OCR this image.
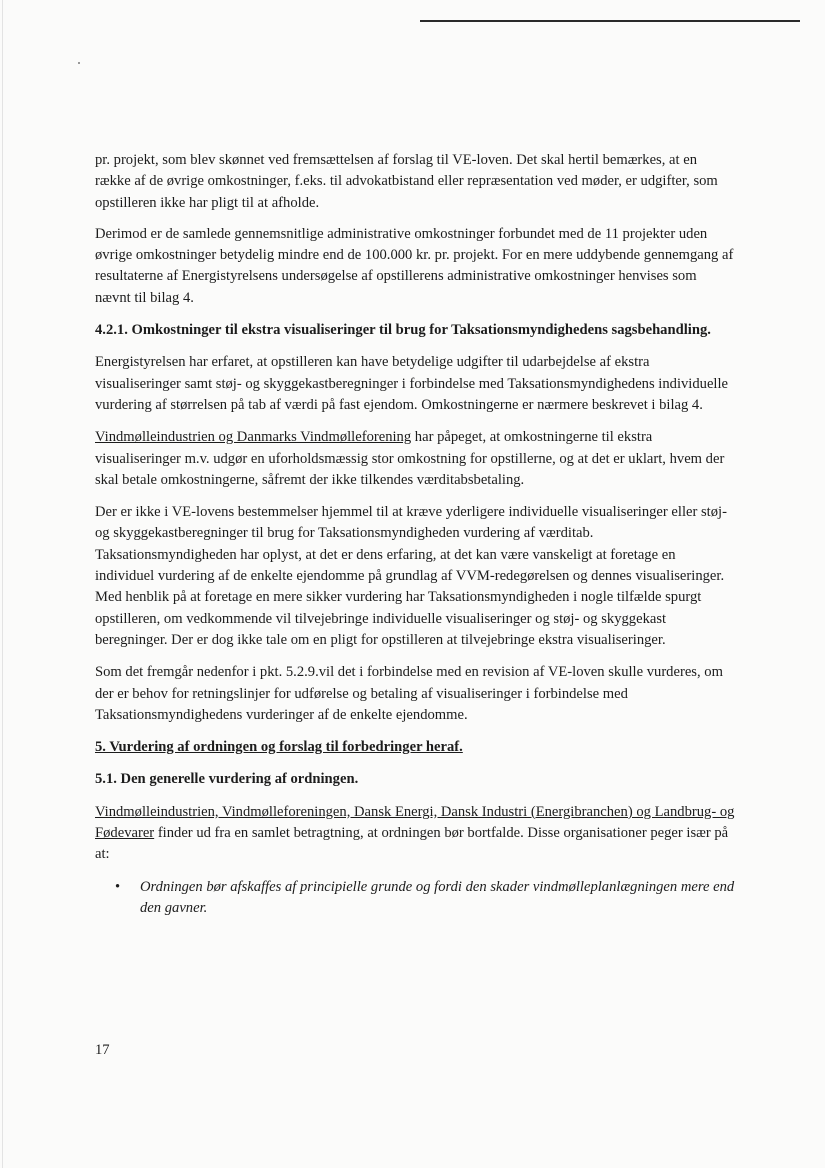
pr. projekt, som blev skønnet ved fremsættelsen af forslag til VE-loven. Det skal hertil bemærkes, at en række af de øvrige omkostninger, f.eks. til advokatbistand eller repræsentation ved møder, er udgifter, som opstilleren ikke har pligt til at afholde.

Derimod er de samlede gennemsnitlige administrative omkostninger forbundet med de 11 projekter uden øvrige omkostninger betydelig mindre end de 100.000 kr. pr. projekt. For en mere uddybende gennemgang af resultaterne af Energistyrelsens undersøgelse af opstillerens administrative omkostninger henvises som nævnt til bilag 4.

4.2.1. Omkostninger til ekstra visualiseringer til brug for Taksationsmyndighedens sagsbehandling.

Energistyrelsen har erfaret, at opstilleren kan have betydelige udgifter til udarbejdelse af ekstra visualiseringer samt støj- og skyggekastberegninger i forbindelse med Taksationsmyndighedens individuelle vurdering af størrelsen på tab af værdi på fast ejendom. Omkostningerne er nærmere beskrevet i bilag 4.

Vindmølleindustrien og Danmarks Vindmølleforening har påpeget, at omkostningerne til ekstra visualiseringer m.v. udgør en uforholdsmæssig stor omkostning for opstillerne, og at det er uklart, hvem der skal betale omkostningerne, såfremt der ikke tilkendes værditabsbetaling.

Der er ikke i VE-lovens bestemmelser hjemmel til at kræve yderligere individuelle visualiseringer eller støj- og skyggekastberegninger til brug for Taksationsmyndigheden vurdering af værditab. Taksationsmyndigheden har oplyst, at det er dens erfaring, at det kan være vanskeligt at foretage en individuel vurdering af de enkelte ejendomme på grundlag af VVM-redegørelsen og dennes visualiseringer. Med henblik på at foretage en mere sikker vurdering har Taksationsmyndigheden i nogle tilfælde spurgt opstilleren, om vedkommende vil tilvejebringe individuelle visualiseringer og støj- og skyggekast beregninger. Der er dog ikke tale om en pligt for opstilleren at tilvejebringe ekstra visualiseringer.

Som det fremgår nedenfor i pkt. 5.2.9.vil det i forbindelse med en revision af VE-loven skulle vurderes, om der er behov for retningslinjer for udførelse og betaling af visualiseringer i forbindelse med Taksationsmyndighedens vurderinger af de enkelte ejendomme.

5. Vurdering af ordningen og forslag til forbedringer heraf.

5.1. Den generelle vurdering af ordningen.

Vindmølleindustrien, Vindmølleforeningen, Dansk Energi, Dansk Industri (Energibranchen) og Landbrug- og Fødevarer finder ud fra en samlet betragtning, at ordningen bør bortfalde. Disse organisationer peger især på at:

•	Ordningen bør afskaffes af principielle grunde og fordi den skader vindmølleplanlægningen mere end den gavner.
17
